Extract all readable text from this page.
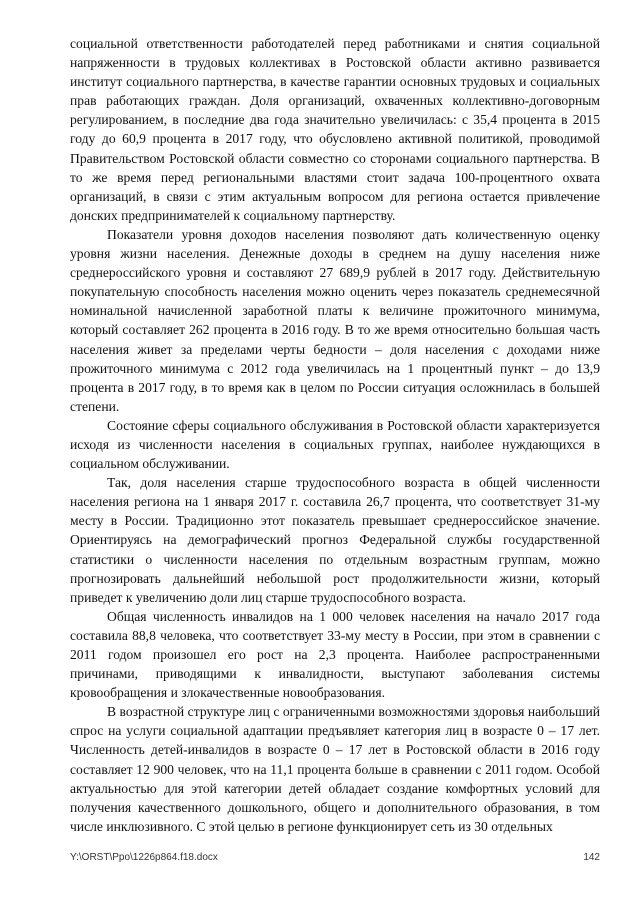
социальной ответственности работодателей перед работниками и снятия социальной напряженности в трудовых коллективах в Ростовской области активно развивается институт социального партнерства, в качестве гарантии основных трудовых и социальных прав работающих граждан. Доля организаций, охваченных коллективно-договорным регулированием, в последние два года значительно увеличилась: с 35,4 процента в 2015 году до 60,9 процента в 2017 году, что обусловлено активной политикой, проводимой Правительством Ростовской области совместно со сторонами социального партнерства. В то же время перед региональными властями стоит задача 100-процентного охвата организаций, в связи с этим актуальным вопросом для региона остается привлечение донских предпринимателей к социальному партнерству.

Показатели уровня доходов населения позволяют дать количественную оценку уровня жизни населения. Денежные доходы в среднем на душу населения ниже среднероссийского уровня и составляют 27 689,9 рублей в 2017 году. Действительную покупательную способность населения можно оценить через показатель среднемесячной номинальной начисленной заработной платы к величине прожиточного минимума, который составляет 262 процента в 2016 году. В то же время относительно большая часть населения живет за пределами черты бедности – доля населения с доходами ниже прожиточного минимума с 2012 года увеличилась на 1 процентный пункт – до 13,9 процента в 2017 году, в то время как в целом по России ситуация осложнилась в большей степени.

Состояние сферы социального обслуживания в Ростовской области характеризуется исходя из численности населения в социальных группах, наиболее нуждающихся в социальном обслуживании.

Так, доля населения старше трудоспособного возраста в общей численности населения региона на 1 января 2017 г. составила 26,7 процента, что соответствует 31-му месту в России. Традиционно этот показатель превышает среднероссийское значение. Ориентируясь на демографический прогноз Федеральной службы государственной статистики о численности населения по отдельным возрастным группам, можно прогнозировать дальнейший небольшой рост продолжительности жизни, который приведет к увеличению доли лиц старше трудоспособного возраста.

Общая численность инвалидов на 1 000 человек населения на начало 2017 года составила 88,8 человека, что соответствует 33-му месту в России, при этом в сравнении с 2011 годом произошел его рост на 2,3 процента. Наиболее распространенными причинами, приводящими к инвалидности, выступают заболевания системы кровообращения и злокачественные новообразования.

В возрастной структуре лиц с ограниченными возможностями здоровья наибольший спрос на услуги социальной адаптации предъявляет категория лиц в возрасте 0 – 17 лет. Численность детей-инвалидов в возрасте 0 – 17 лет в Ростовской области в 2016 году составляет 12 900 человек, что на 11,1 процента больше в сравнении с 2011 годом. Особой актуальностью для этой категории детей обладает создание комфортных условий для получения качественного дошкольного, общего и дополнительного образования, в том числе инклюзивного. С этой целью в регионе функционирует сеть из 30 отдельных

Y:\ORST\Ppo\1226p864.f18.docx	142
